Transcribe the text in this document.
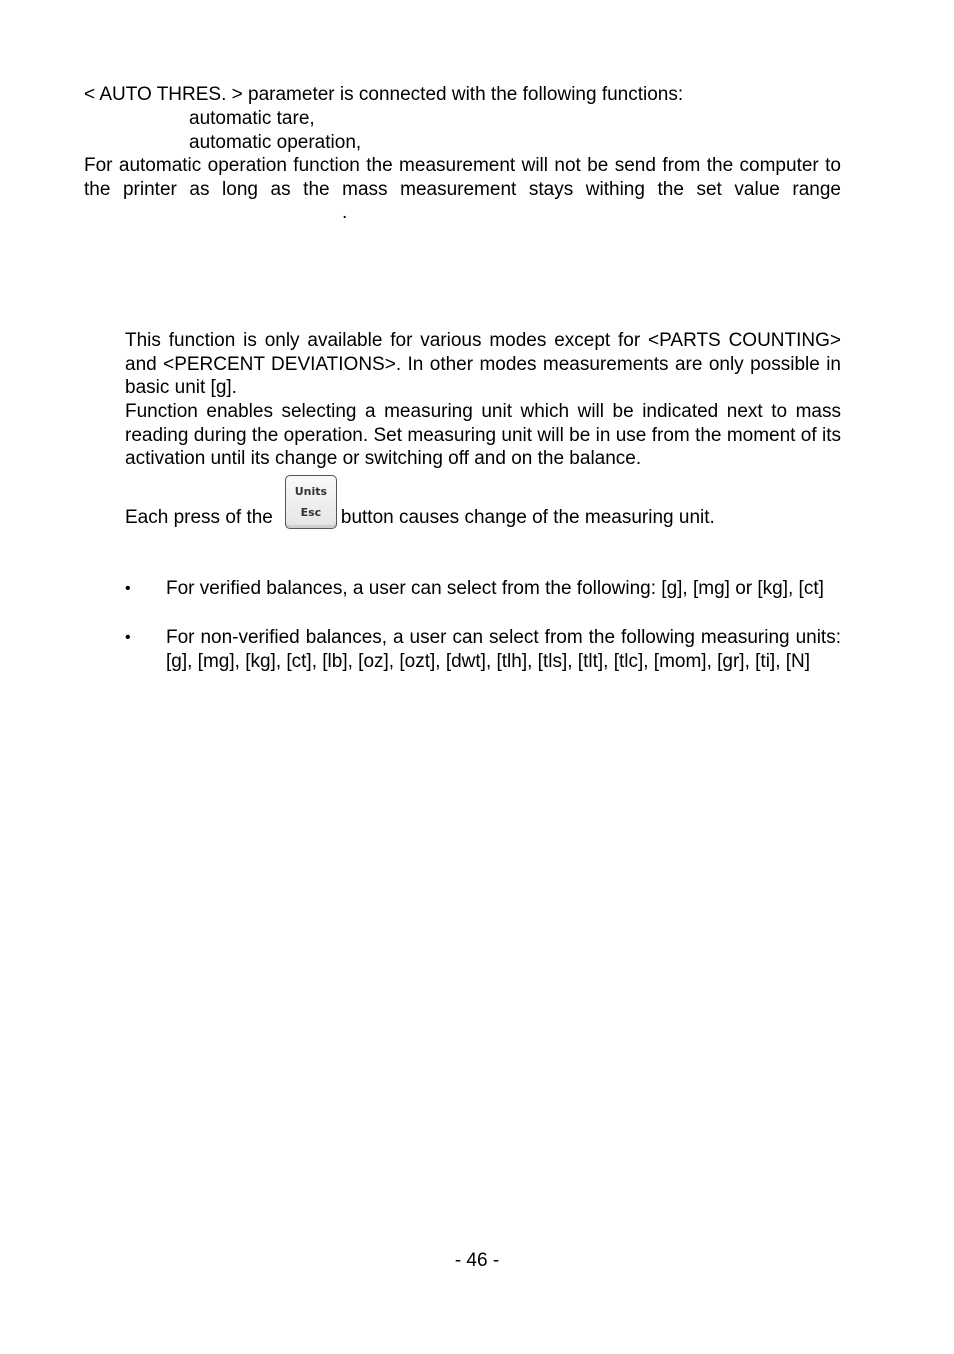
< AUTO THRES. > parameter is connected with the following functions:

automatic tare,

automatic operation,

For automatic operation function the measurement will not be send from the computer to the printer as long as the mass measurement stays withing the set value range.

This function is only available for various modes except for <PARTS COUNTING> and <PERCENT DEVIATIONS>. In other modes measurements are only possible in basic unit [g].

Function enables selecting a measuring unit which will be indicated next to mass reading during the operation. Set measuring unit will be in use from the moment of its activation until its change or switching off and on the balance.

Each press of the
Units
Esc	button causes change of the measuring unit.
•	For verified balances, a user can select from the following: [g], [mg] or [kg], [ct]
•	For non-verified balances, a user can select from the following measuring units: [g], [mg], [kg], [ct], [lb], [oz], [ozt], [dwt], [tlh], [tls], [tlt], [tlc], [mom], [gr], [ti], [N]

- 46 -
